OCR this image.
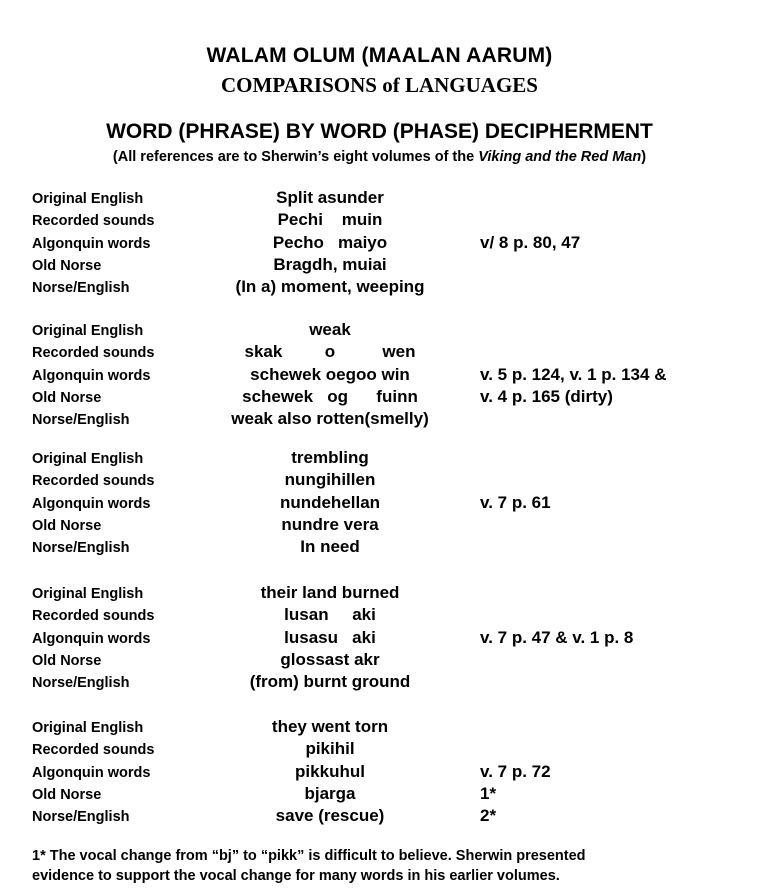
WALAM OLUM (MAALAN AARUM)
COMPARISONS of LANGUAGES
WORD (PHRASE) BY WORD (PHASE) DECIPHERMENT
(All references are to Sherwin’s eight volumes of the Viking and the Red Man)
Original English	Split asunder
Recorded sounds	Pechi    muin
Algonquin words	Pecho   maiyo	v/ 8 p. 80, 47
Old Norse	Bragdh, muiai
Norse/English	(In a) moment, weeping
Original English	weak
Recorded sounds	skak         o          wen
Algonquin words	schewek oegoo win	v. 5 p. 124, v. 1 p. 134 &
Old Norse	schewek   og      fuinn	v. 4 p. 165 (dirty)
Norse/English	weak also rotten(smelly)
Original English	trembling
Recorded sounds	nungihillen
Algonquin words	nundehellan	v. 7 p. 61
Old Norse	nundre vera
Norse/English	In need
Original English	their land burned
Recorded sounds	lusan     aki
Algonquin words	lusasu   aki	v. 7 p. 47 & v. 1 p. 8
Old Norse	glossast akr
Norse/English	(from) burnt ground
Original English	they went torn
Recorded sounds	pikihil
Algonquin words	pikkuhul	v. 7 p. 72
Old Norse	bjarga	1*
Norse/English	save (rescue)	2*
1* The vocal change from “bj” to “pikk” is difficult to believe. Sherwin presented
evidence to support the vocal change for many words in his earlier volumes.
